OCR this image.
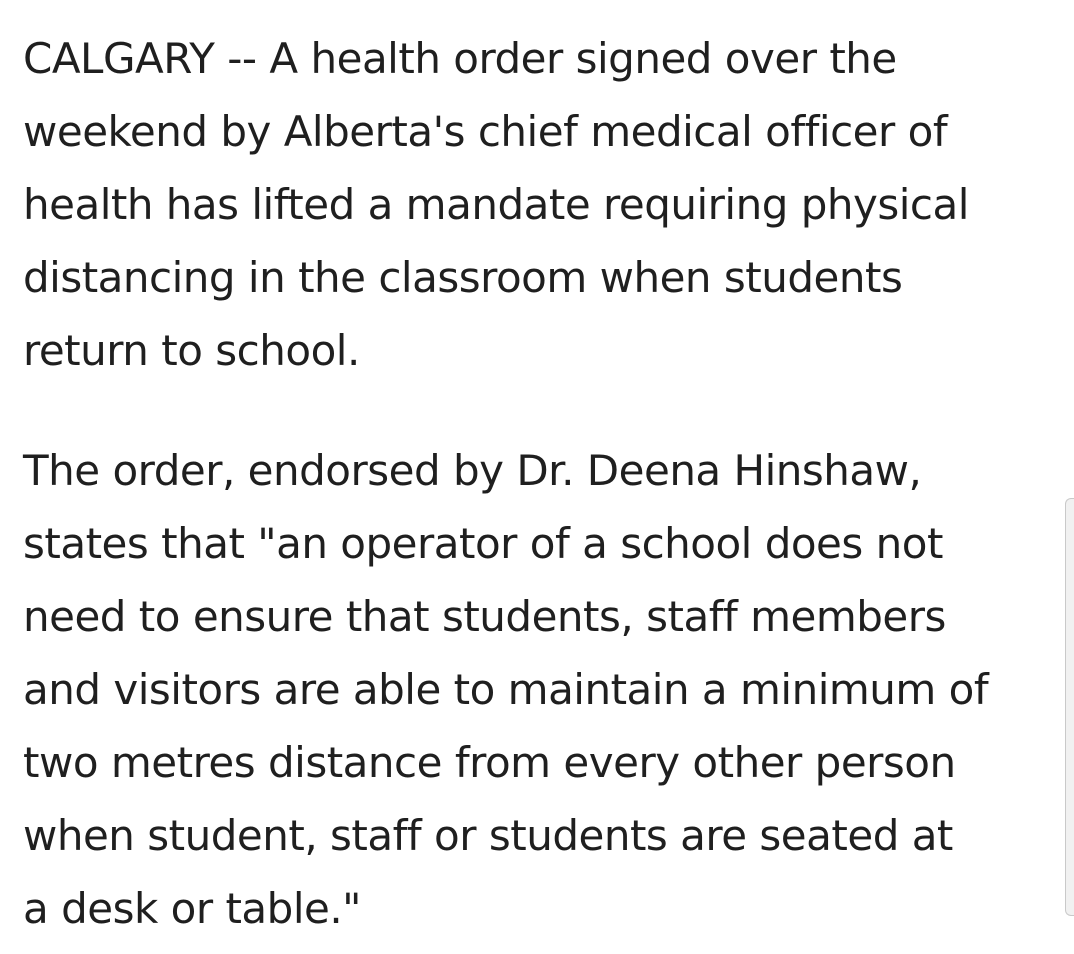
CALGARY -- A health order signed over the
weekend by Alberta's chief medical officer of
health has lifted a mandate requiring physical
distancing in the classroom when students
return to school.

The order, endorsed by Dr. Deena Hinshaw,
states that "an operator of a school does not
need to ensure that students, staff members
and visitors are able to maintain a minimum of
two metres distance from every other person
when student, staff or students are seated at
a desk or table."
